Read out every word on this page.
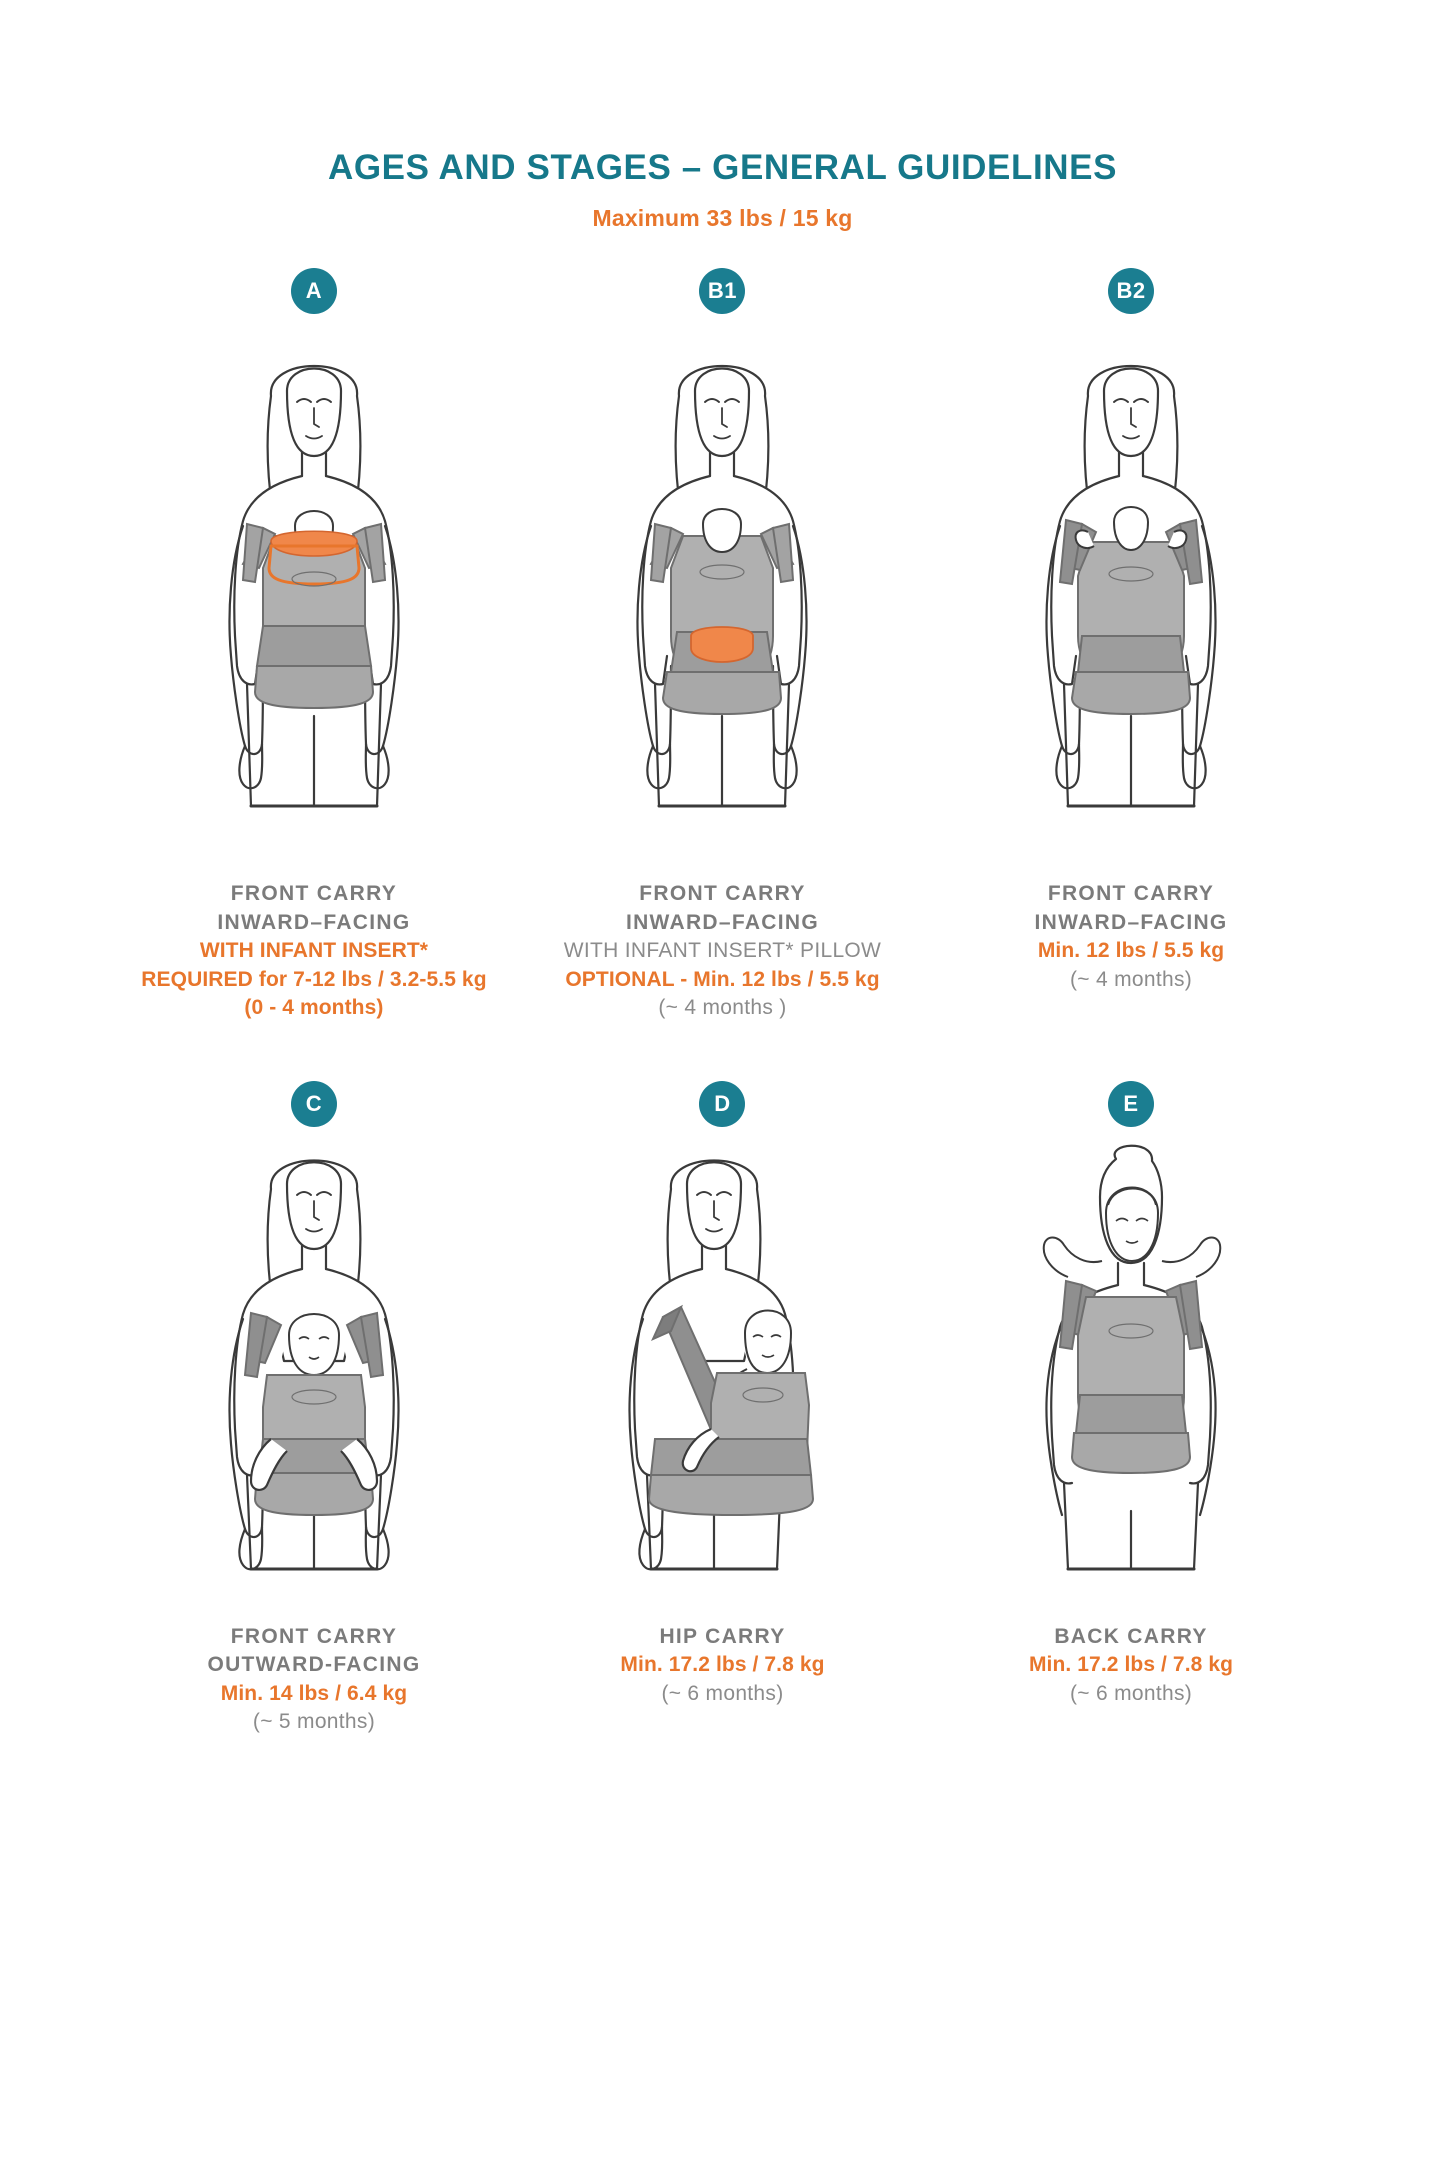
AGES AND STAGES – GENERAL GUIDELINES
Maximum 33 lbs / 15 kg
A
FRONT CARRY
INWARD–FACING
WITH INFANT INSERT*
REQUIRED for 7-12 lbs / 3.2-5.5 kg
(0 - 4 months)
B1
FRONT CARRY
INWARD–FACING
WITH INFANT INSERT* PILLOW
OPTIONAL - Min. 12 lbs / 5.5 kg
(~ 4 months )
B2
FRONT CARRY
INWARD–FACING
Min. 12 lbs / 5.5 kg
(~ 4 months)
C
FRONT CARRY
OUTWARD-FACING
Min. 14 lbs / 6.4 kg
(~ 5 months)
D
HIP CARRY
Min. 17.2 lbs / 7.8 kg
(~ 6 months)
E
BACK CARRY
Min. 17.2 lbs / 7.8 kg
(~ 6 months)
